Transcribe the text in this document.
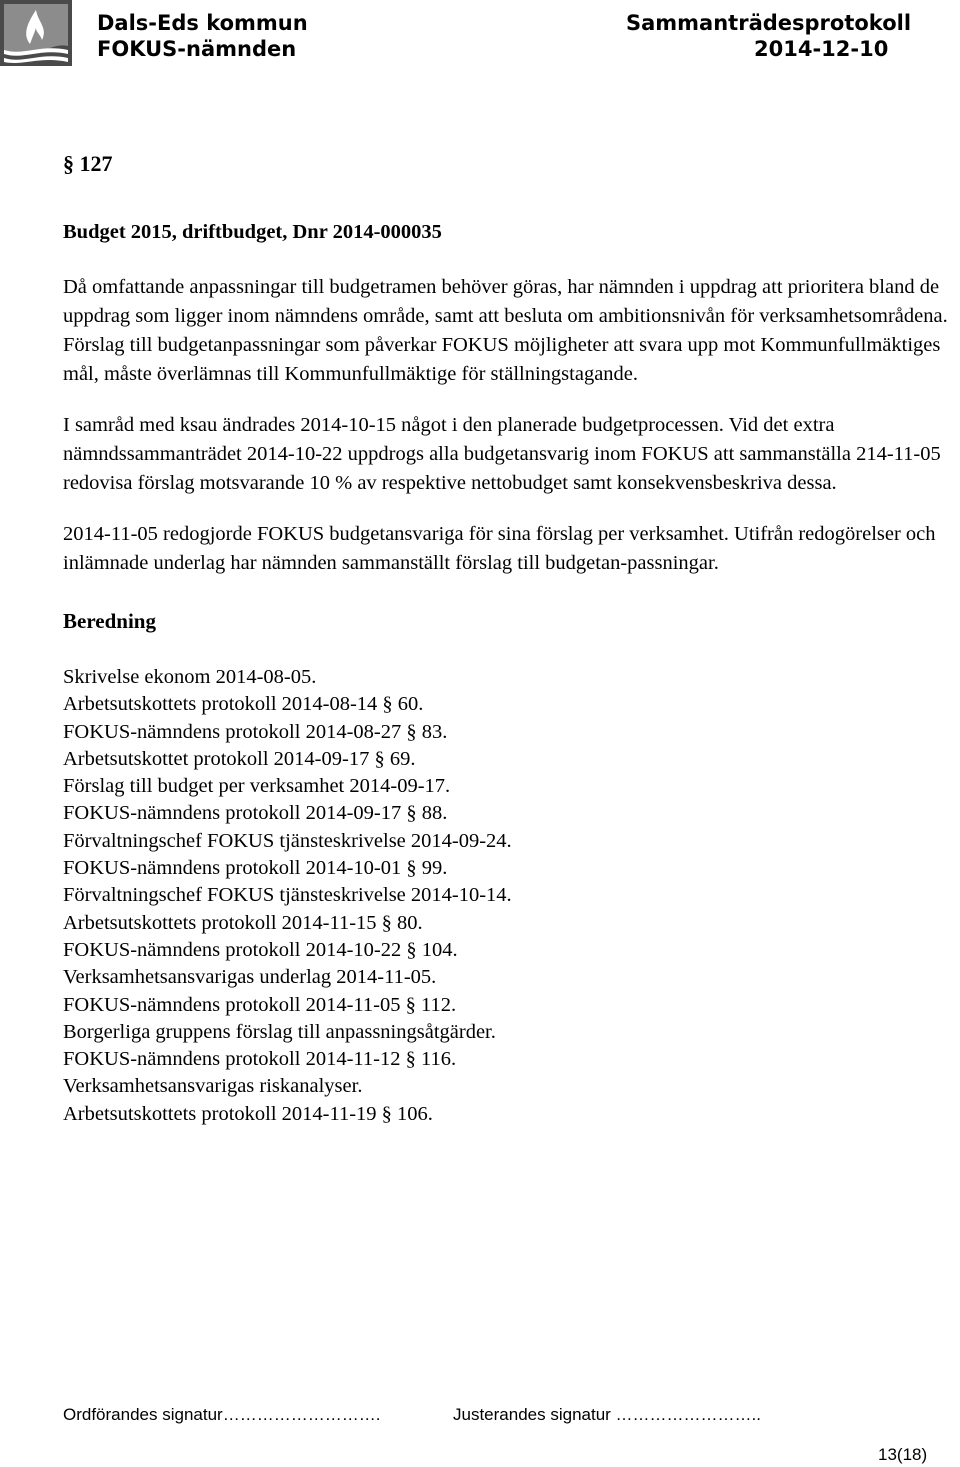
Dals-Eds kommun
FOKUS-nämnden
Sammanträdesprotokoll
2014-12-10

§ 127

Budget 2015, driftbudget, Dnr 2014-000035

Då omfattande anpassningar till budgetramen behöver göras, har nämnden i uppdrag att prioritera bland de uppdrag som ligger inom nämndens område, samt att besluta om ambitionsnivån för verksamhetsområdena. Förslag till budgetanpassningar som påverkar FOKUS möjligheter att svara upp mot Kommunfullmäktiges mål, måste överlämnas till Kommunfullmäktige för ställningstagande.

I samråd med ksau ändrades 2014-10-15 något i den planerade budgetprocessen. Vid det extra nämndssammanträdet 2014-10-22 uppdrogs alla budgetansvarig inom FOKUS att sammanställa 214-11-05 redovisa förslag motsvarande 10 % av respektive nettobudget samt konsekvensbeskriva dessa.

2014-11-05 redogjorde FOKUS budgetansvariga för sina förslag per verksamhet. Utifrån redogörelser och inlämnade underlag har nämnden sammanställt förslag till budgetan-passningar.

Beredning

Skrivelse ekonom 2014-08-05.
Arbetsutskottets protokoll 2014-08-14 § 60.
FOKUS-nämndens protokoll 2014-08-27 § 83.
Arbetsutskottet protokoll 2014-09-17 § 69.
Förslag till budget per verksamhet 2014-09-17.
FOKUS-nämndens protokoll 2014-09-17 § 88.
Förvaltningschef FOKUS tjänsteskrivelse 2014-09-24.
FOKUS-nämndens protokoll 2014-10-01 § 99.
Förvaltningschef FOKUS tjänsteskrivelse 2014-10-14.
Arbetsutskottets protokoll 2014-11-15 § 80.
FOKUS-nämndens protokoll 2014-10-22 § 104.
Verksamhetsansvarigas underlag 2014-11-05.
FOKUS-nämndens protokoll 2014-11-05 § 112.
Borgerliga gruppens förslag till anpassningsåtgärder.
FOKUS-nämndens protokoll 2014-11-12 § 116.
Verksamhetsansvarigas riskanalyser.
Arbetsutskottets protokoll 2014-11-19 § 106.
Ordförandes signatur……………………….	Justerandes signatur ……………………..
13(18)
